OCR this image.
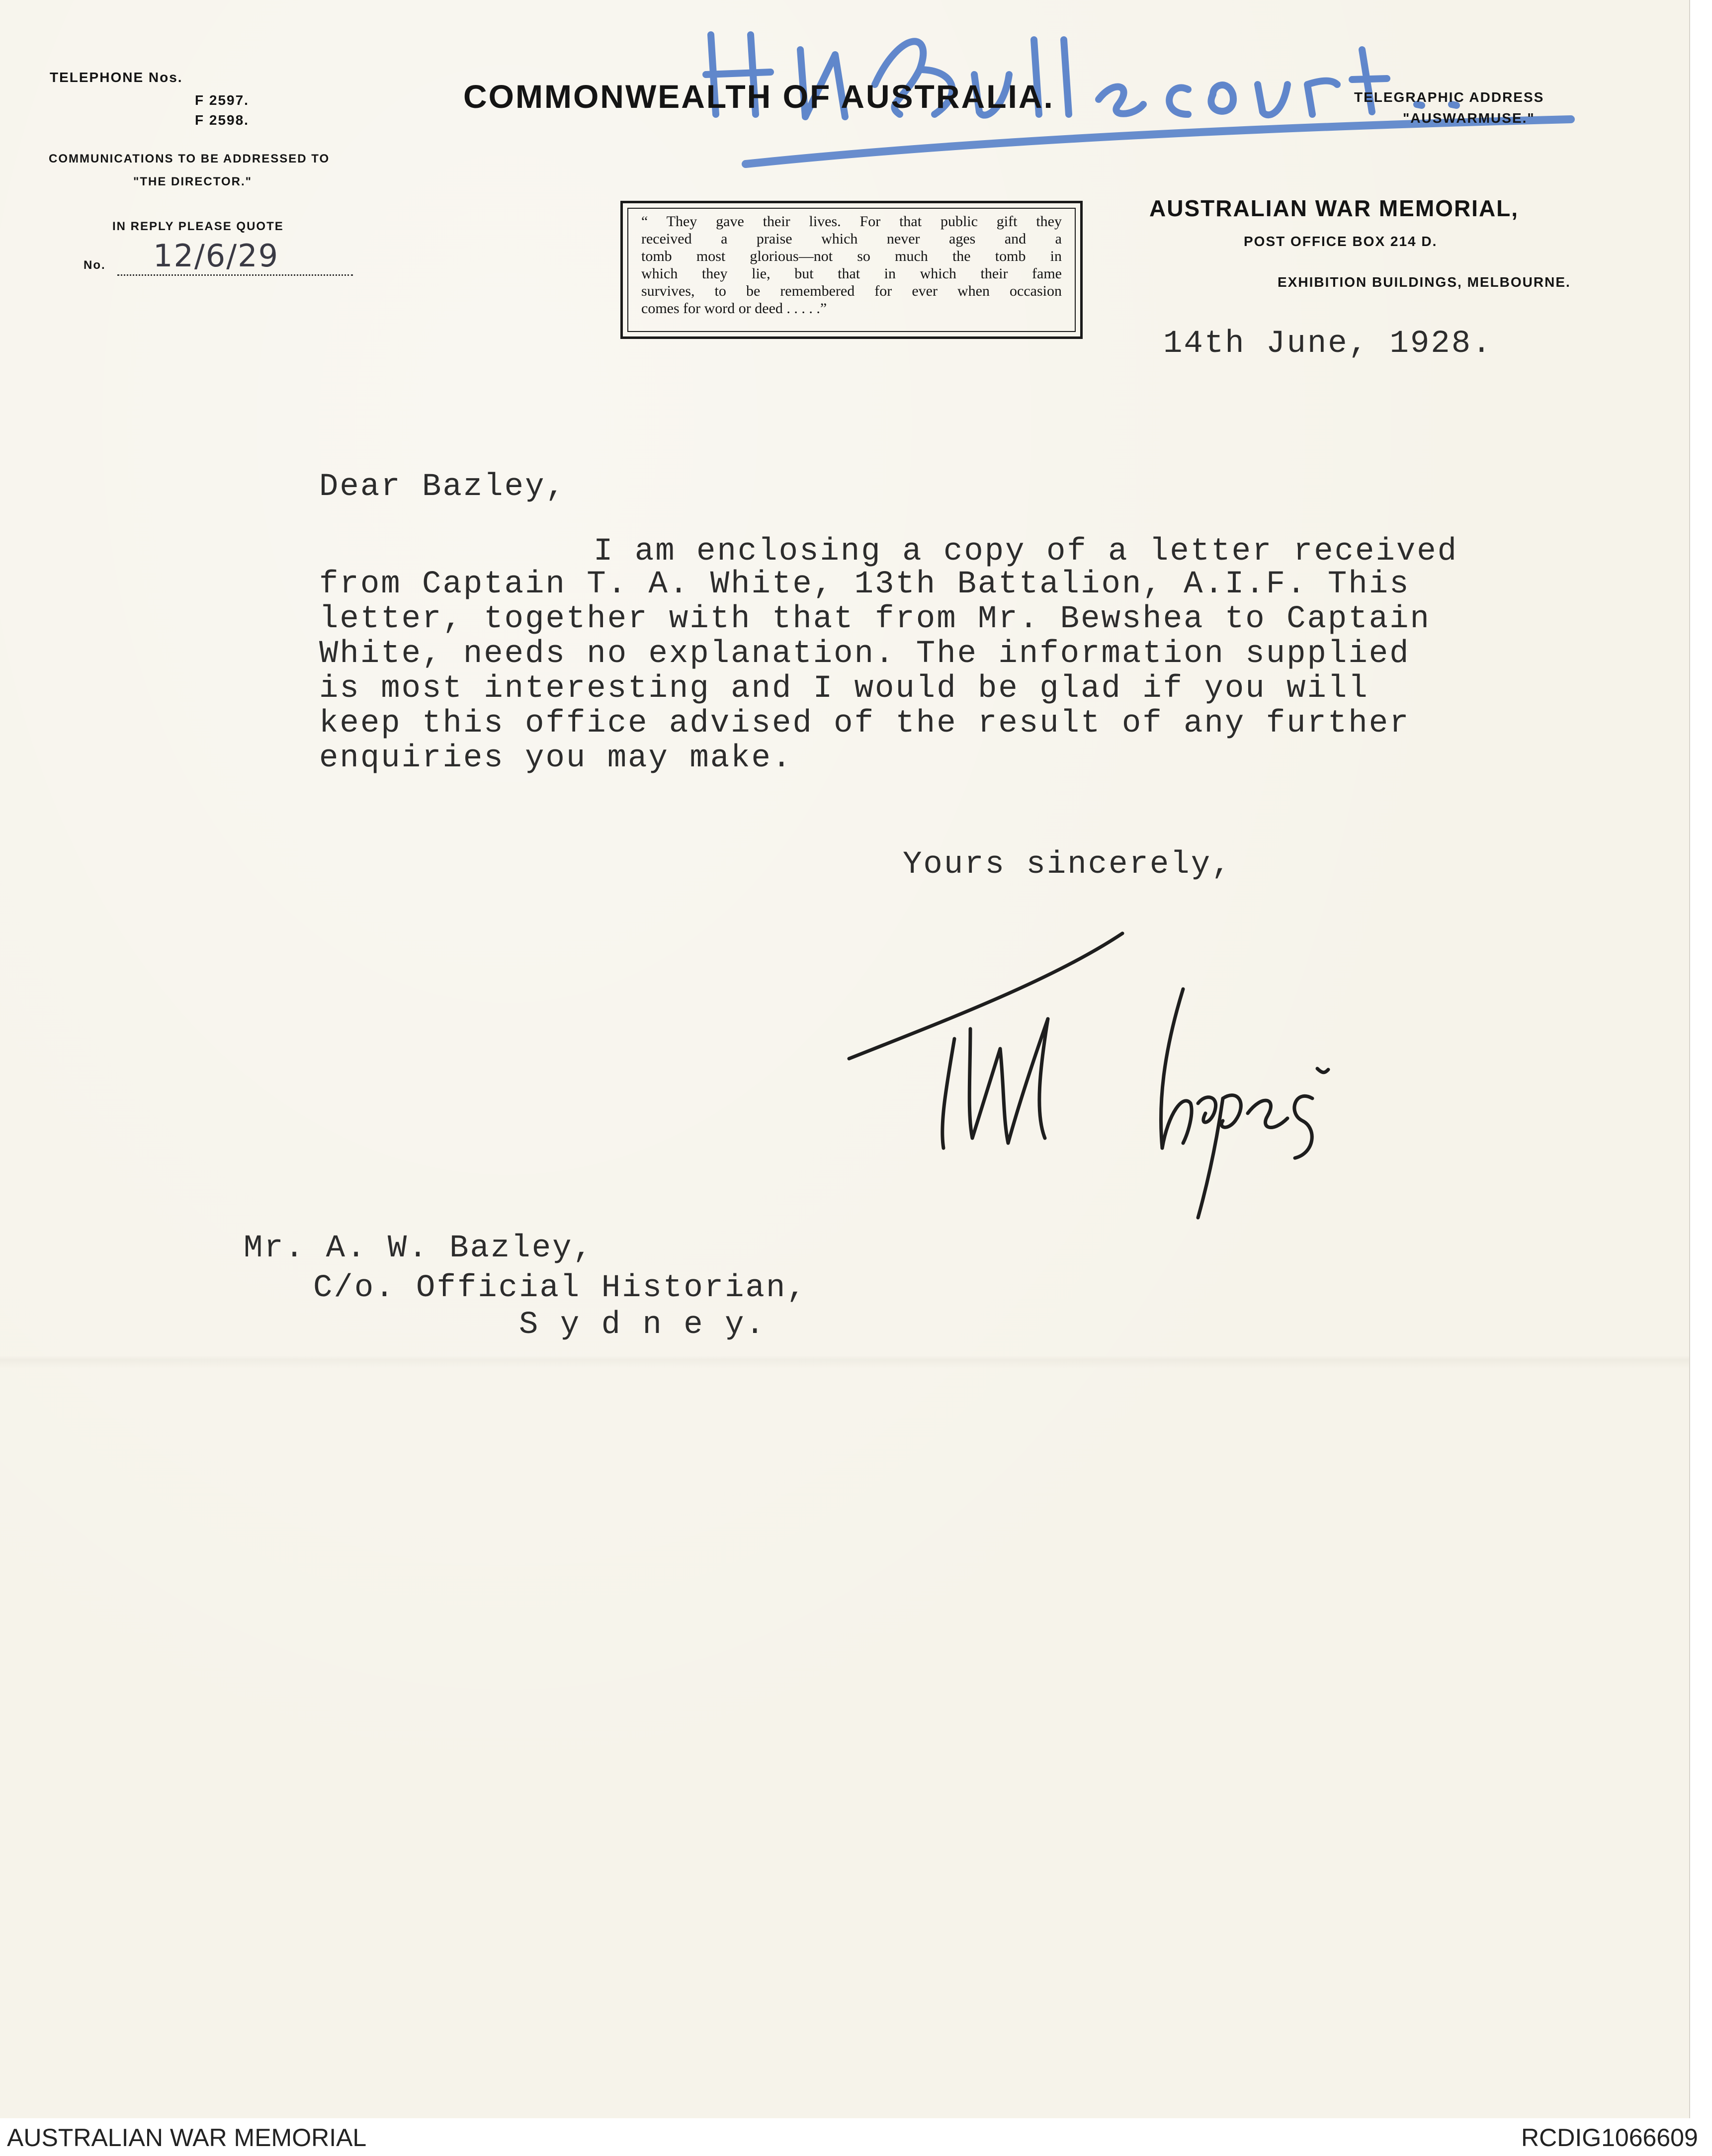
TELEPHONE Nos.
F 2597.
F 2598.
COMMUNICATIONS TO BE ADDRESSED TO
"THE DIRECTOR."
IN REPLY PLEASE QUOTE
No. 12/6/29
COMMONWEALTH OF AUSTRALIA.	TELEGRAPHIC ADDRESS
"AUSWARMUSE."
“ They gave their lives. For that public gift they
received a praise which never ages and a
tomb most glorious—not so much the tomb in
which they lie, but that in which their fame
survives, to be remembered for ever when occasion
comes for word or deed . . . . .”
AUSTRALIAN WAR MEMORIAL,
POST OFFICE BOX 214 D.
EXHIBITION BUILDINGS, MELBOURNE.
14th June, 1928.
Dear Bazley,
I am enclosing a copy of a letter received
from Captain T. A. White, 13th Battalion, A.I.F. This
letter, together with that from Mr. Bewshea to Captain
White, needs no explanation. The information supplied
is most interesting and I would be glad if you will
keep this office advised of the result of any further
enquiries you may make.
Yours sincerely,
Mr. A. W. Bazley,
C/o. Official Historian,
S y d n e y.
AUSTRALIAN WAR MEMORIAL	RCDIG1066609
